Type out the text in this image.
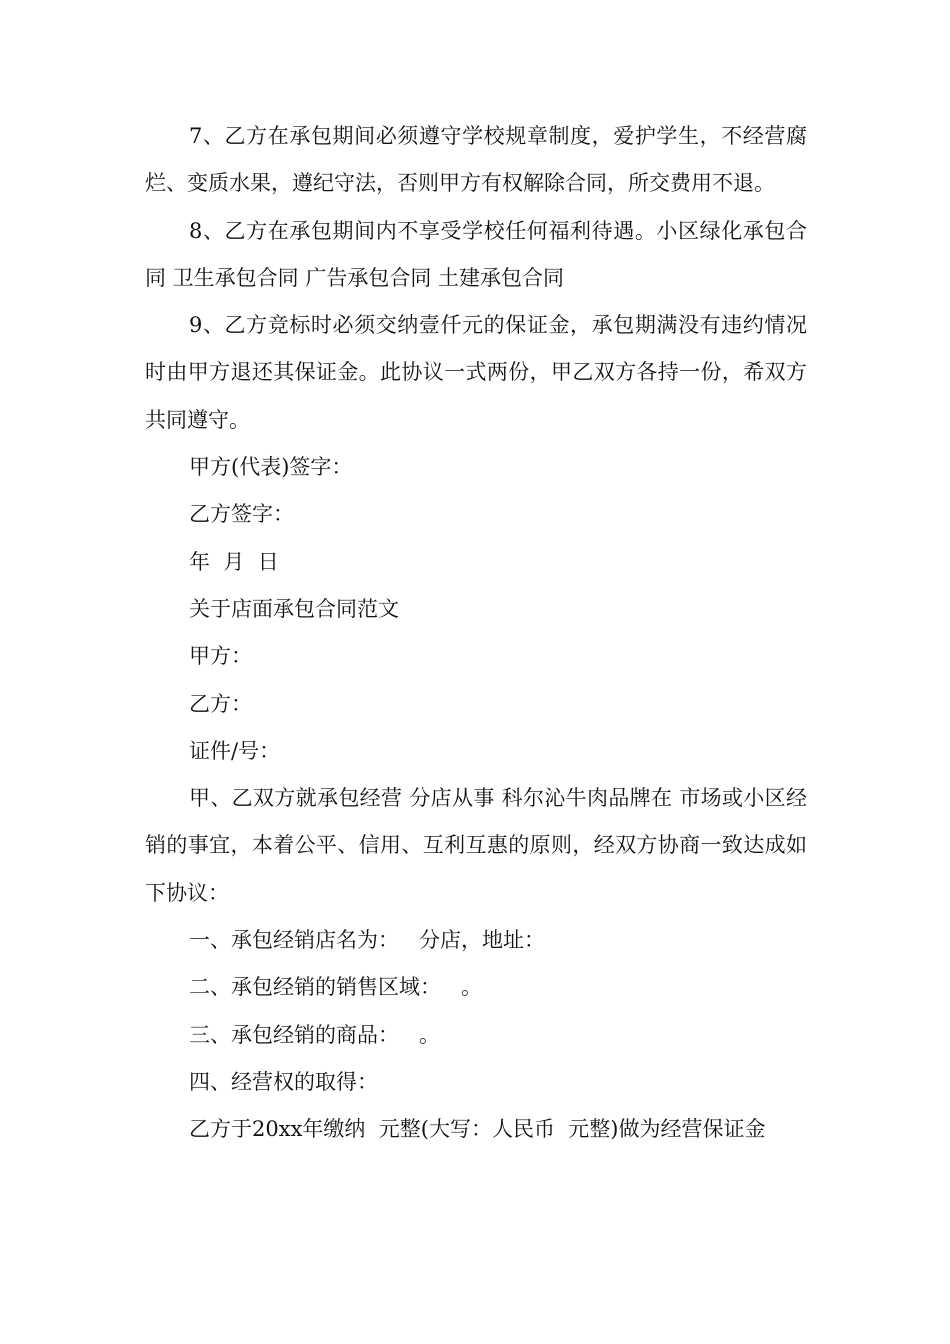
7、乙方在承包期间必须遵守学校规章制度，爱护学生，不经营腐烂、变质水果，遵纪守法，否则甲方有权解除合同，所交费用不退。

8、乙方在承包期间内不享受学校任何福利待遇。小区绿化承包合同 卫生承包合同 广告承包合同 土建承包合同

9、乙方竞标时必须交纳壹仟元的保证金，承包期满没有违约情况时由甲方退还其保证金。此协议一式两份，甲乙双方各持一份，希双方共同遵守。

甲方(代表)签字：

乙方签字：

年  月  日

关于店面承包合同范文

甲方：

乙方：

证件/号：

甲、乙双方就承包经营 分店从事 科尔沁牛肉品牌在 市场或小区经销的事宜，本着公平、信用、互利互惠的原则，经双方协商一致达成如下协议：

一、承包经销店名为：   分店，地址：

二、承包经销的销售区域：   。

三、承包经销的商品：   。

四、经营权的取得：

乙方于20xx年缴纳  元整(大写：人民币  元整)做为经营保证金
